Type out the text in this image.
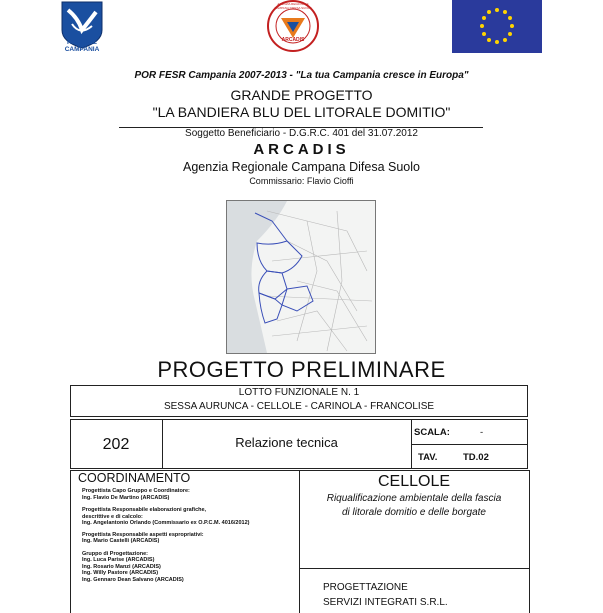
REGIONE CAMPANIA
ARCADIS
AGENZIA REGIONALE CAMPANA DIFESA SUOLO
POR FESR Campania 2007-2013 - "La tua Campania cresce in Europa"
GRANDE PROGETTO
"LA BANDIERA BLU DEL LITORALE DOMITIO"
Soggetto Beneficiario - D.G.R.C. 401 del 31.07.2012
ARCADIS
Agenzia Regionale Campana Difesa Suolo
Commissario: Flavio Cioffi
PROGETTO PRELIMINARE
LOTTO FUNZIONALE N. 1
SESSA AURUNCA - CELLOLE - CARINOLA - FRANCOLISE
202	Relazione tecnica
SCALA:	-
TAV.	TD.02
COORDINAMENTO
Progettista Capo Gruppo e Coordinatore:
Ing. Flavio De Martino (ARCADIS)
Progettista Responsabile elaborazioni grafiche,
descrittive e di calcolo:
Ing. Angelantonio Orlando (Commissario ex O.P.C.M. 4016/2012)
Progettista Responsabile aspetti espropriativi:
Ing. Mario Castelli (ARCADIS)
Gruppo di Progettazione:
Ing. Luca Parise (ARCADIS)
Ing. Rosario Manzi (ARCADIS)
Ing. Willy Pastore (ARCADIS)
Ing. Gennaro Dean Salvano (ARCADIS)
CELLOLE
Riqualificazione ambientale della fascia
di litorale domitio e delle borgate
PROGETTAZIONE
SERVIZI INTEGRATI S.R.L.
